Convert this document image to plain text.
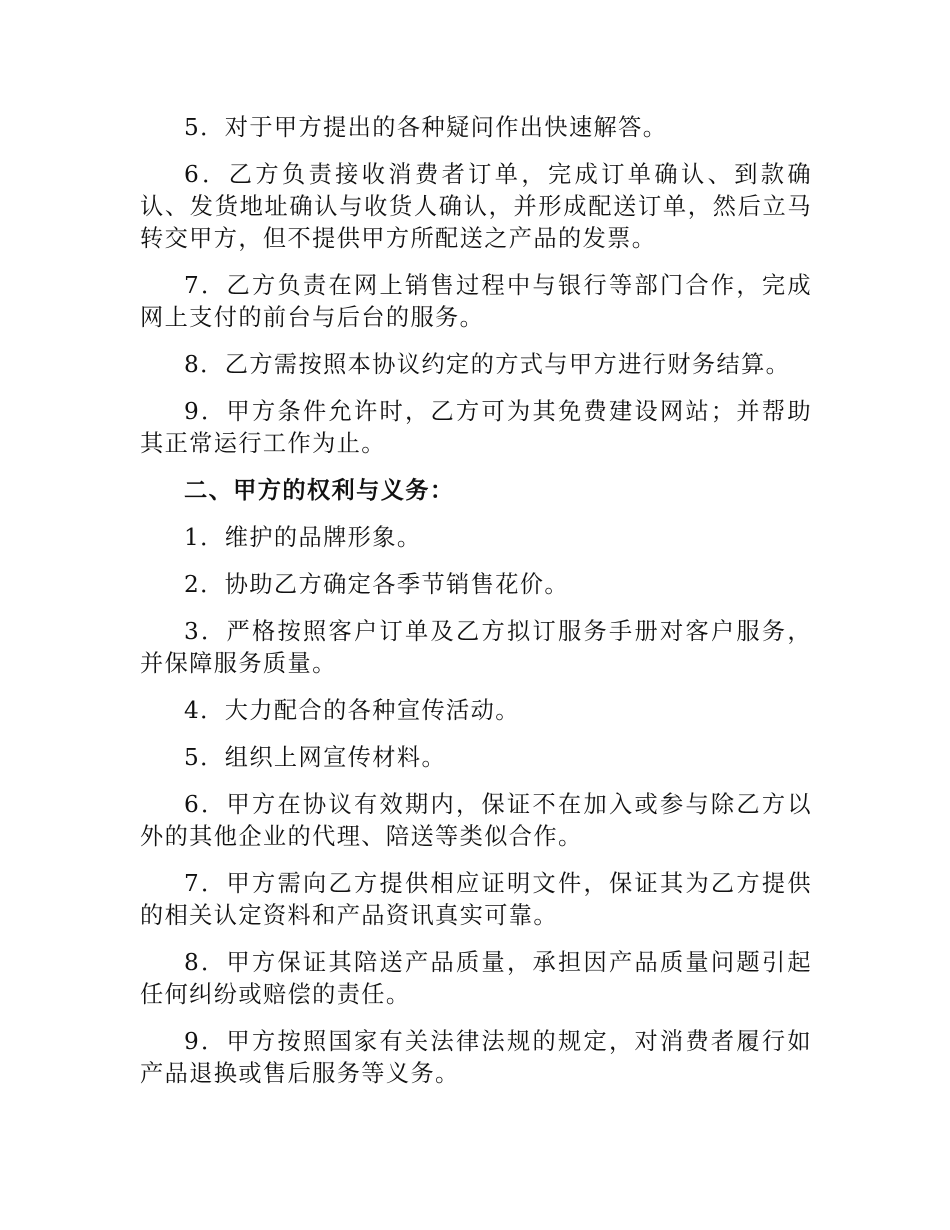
5．对于甲方提出的各种疑问作出快速解答。

6．乙方负责接收消费者订单，完成订单确认、到款确认、发货地址确认与收货人确认，并形成配送订单，然后立马转交甲方，但不提供甲方所配送之产品的发票。

7．乙方负责在网上销售过程中与银行等部门合作，完成网上支付的前台与后台的服务。

8．乙方需按照本协议约定的方式与甲方进行财务结算。

9．甲方条件允许时，乙方可为其免费建设网站；并帮助其正常运行工作为止。

二、甲方的权利与义务：

1．维护的品牌形象。

2．协助乙方确定各季节销售花价。

3．严格按照客户订单及乙方拟订服务手册对客户服务，并保障服务质量。

4．大力配合的各种宣传活动。

5．组织上网宣传材料。

6．甲方在协议有效期内，保证不在加入或参与除乙方以外的其他企业的代理、陪送等类似合作。

7．甲方需向乙方提供相应证明文件，保证其为乙方提供的相关认定资料和产品资讯真实可靠。

8．甲方保证其陪送产品质量，承担因产品质量问题引起任何纠纷或赔偿的责任。

9．甲方按照国家有关法律法规的规定，对消费者履行如产品退换或售后服务等义务。
